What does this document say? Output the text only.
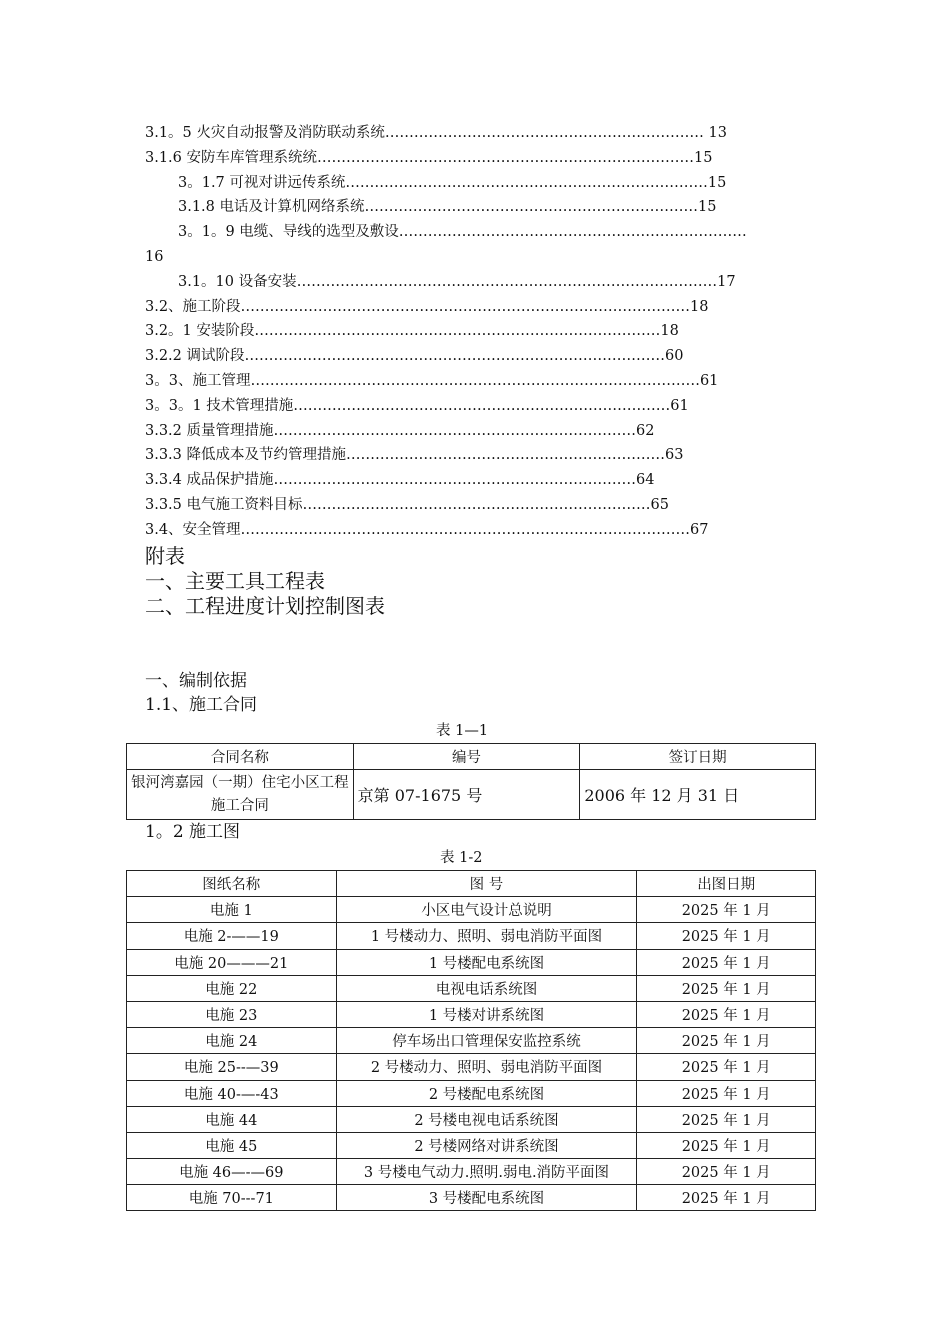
3.1。5 火灾自动报警及消防联动系统………………………………………………………… 13
3.1.6 安防车库管理系统统……………………………………………………………………15
3。1.7 可视对讲远传系统…………………………………………………………………15
3.1.8 电话及计算机网络系统……………………………………………………………15
3。1。9 电缆、导线的选型及敷设………………………………………………………………
16
3.1。10 设备安装……………………………………………………………………………17
3.2、施工阶段…………………………………………………………………………………18
3.2。1 安装阶段…………………………………………………………………………18
3.2.2 调试阶段……………………………………………………………………………60
3。3、施工管理…………………………………………………………………………………61
3。3。1 技术管理措施……………………………………………………………………61
3.3.2 质量管理措施…………………………………………………………………62
3.3.3 降低成本及节约管理措施…………………………………………………………63
3.3.4 成品保护措施…………………………………………………………………64
3.3.5 电气施工资料目标………………………………………………………………65
3.4、安全管理…………………………………………………………………………………67
附表
一、主要工具工程表
二、工程进度计划控制图表
一、编制依据
1.1、施工合同
表 1—1
合同名称	编号	签订日期
银河湾嘉园（一期）住宅小区工程施工合同	京第 07-1675 号	2006 年 12 月 31 日
1。2 施工图
表 1-2
图纸名称	图 号	出图日期
电施 1	小区电气设计总说明	2025 年 1 月
电施 2-——19	1 号楼动力、照明、弱电消防平面图	2025 年 1 月
电施 20———21	1 号楼配电系统图	2025 年 1 月
电施 22	电视电话系统图	2025 年 1 月
电施 23	1 号楼对讲系统图	2025 年 1 月
电施 24	停车场出口管理保安监控系统	2025 年 1 月
电施 25--—39	2 号楼动力、照明、弱电消防平面图	2025 年 1 月
电施 40-—-43	2 号楼配电系统图	2025 年 1 月
电施 44	2 号楼电视电话系统图	2025 年 1 月
电施 45	2 号楼网络对讲系统图	2025 年 1 月
电施 46—-—69	3 号楼电气动力.照明.弱电.消防平面图	2025 年 1 月
电施 70---71	3 号楼配电系统图	2025 年 1 月
